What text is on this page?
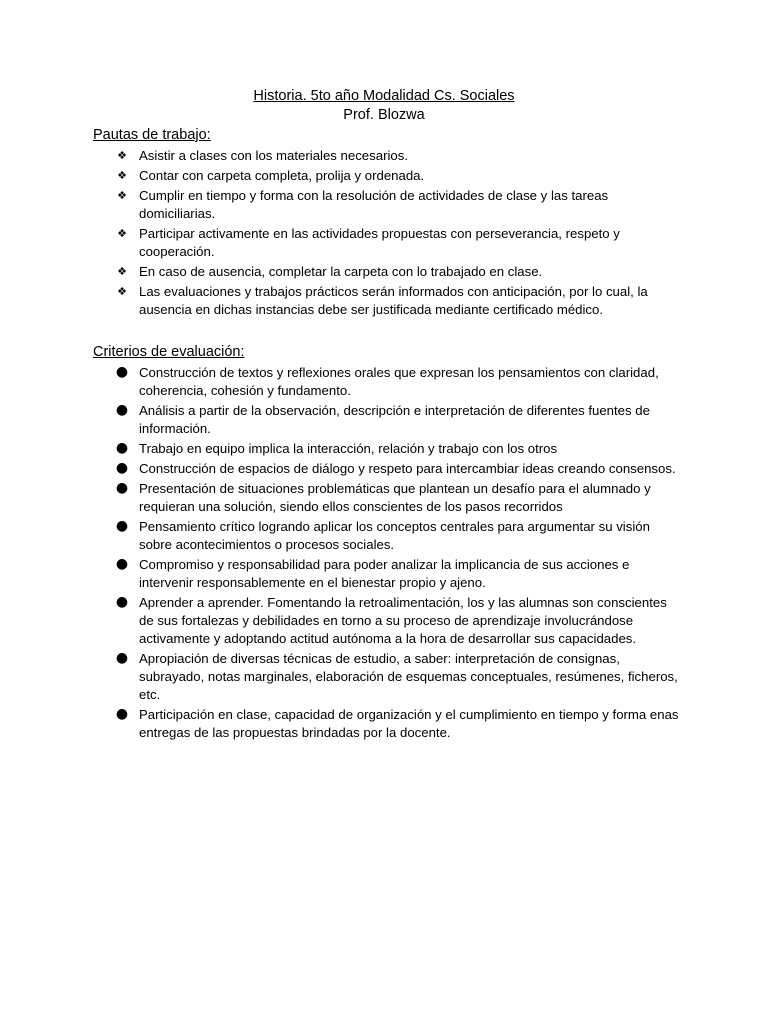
Historia. 5to año Modalidad Cs. Sociales
Prof. Blozwa
Pautas de trabajo:
❖ Asistir a clases con los materiales necesarios.
❖ Contar con carpeta completa, prolija y ordenada.
❖ Cumplir en tiempo y forma con la resolución de actividades de clase y las tareas domiciliarias.
❖ Participar activamente en las actividades propuestas con perseverancia, respeto y cooperación.
❖ En caso de ausencia, completar la carpeta con lo trabajado en clase.
❖ Las evaluaciones y trabajos prácticos serán informados con anticipación, por lo cual, la ausencia en dichas instancias debe ser justificada mediante certificado médico.
Criterios de evaluación:
● Construcción de textos y reflexiones orales que expresan los pensamientos con claridad, coherencia, cohesión y fundamento.
● Análisis a partir de la observación, descripción e interpretación de diferentes fuentes de información.
● Trabajo en equipo implica la interacción, relación y trabajo con los otros
● Construcción de espacios de diálogo y respeto para intercambiar ideas creando consensos.
● Presentación de situaciones problemáticas que plantean un desafío para el alumnado y requieran una solución, siendo ellos conscientes de los pasos recorridos
● Pensamiento crítico logrando aplicar los conceptos centrales para argumentar su visión sobre acontecimientos o procesos sociales.
● Compromiso y responsabilidad para poder analizar la implicancia de sus acciones e intervenir responsablemente en el bienestar propio y ajeno.
● Aprender a aprender. Fomentando la retroalimentación, los y las alumnas son conscientes de sus fortalezas y debilidades en torno a su proceso de aprendizaje involucrándose activamente y adoptando actitud autónoma a la hora de desarrollar sus capacidades.
● Apropiación de diversas técnicas de estudio, a saber: interpretación de consignas, subrayado, notas marginales, elaboración de esquemas conceptuales, resúmenes, ficheros, etc.
● Participación en clase, capacidad de organización y el cumplimiento en tiempo y forma enas entregas de las propuestas brindadas por la docente.
